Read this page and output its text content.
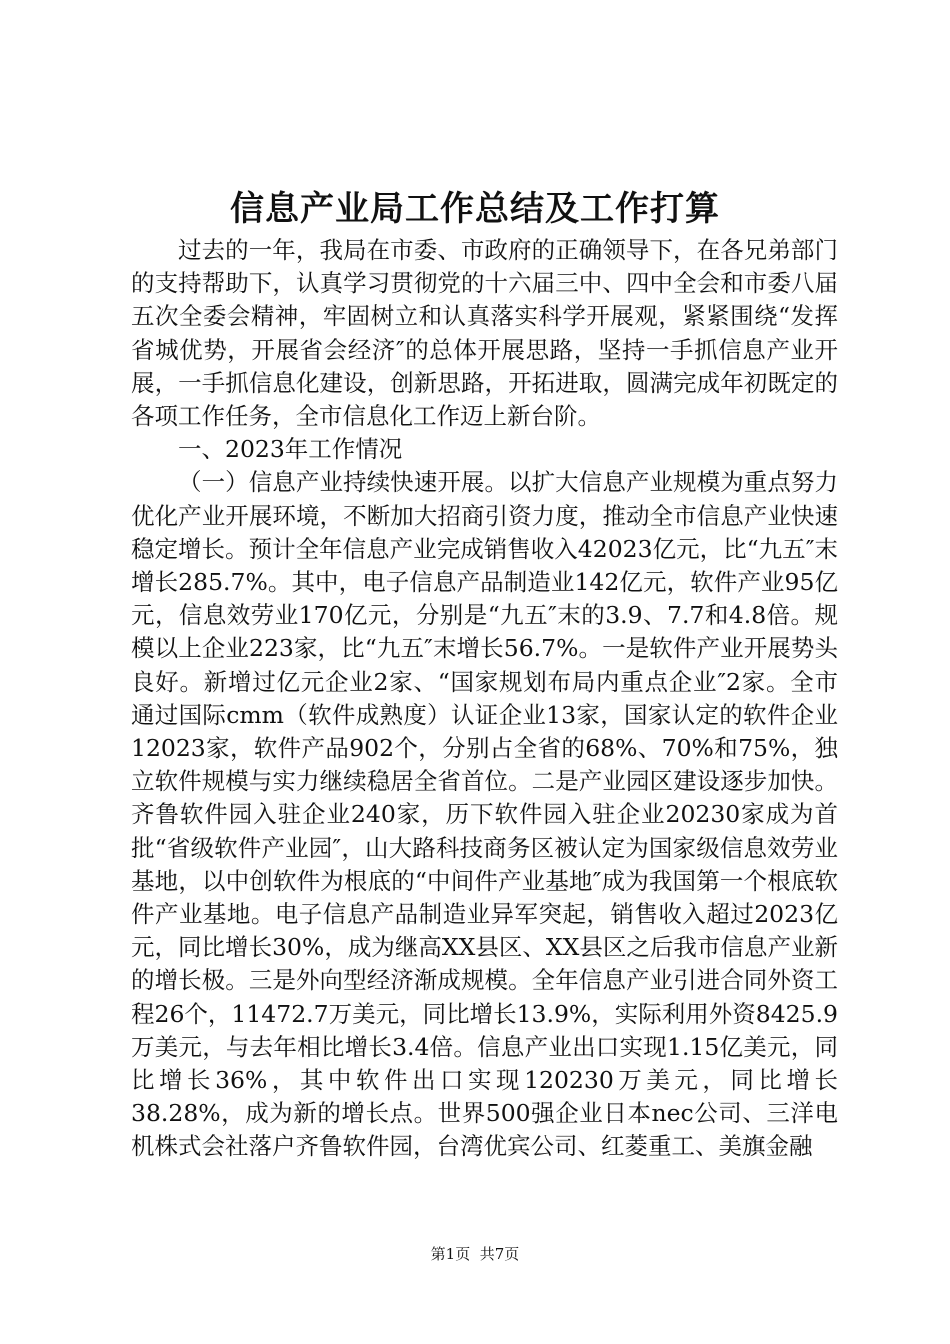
信息产业局工作总结及工作打算

过去的一年，我局在市委、市政府的正确领导下，在各兄弟部门的支持帮助下，认真学习贯彻党的十六届三中、四中全会和市委八届五次全委会精神，牢固树立和认真落实科学开展观，紧紧围绕“发挥省城优势，开展省会经济″的总体开展思路，坚持一手抓信息产业开展，一手抓信息化建设，创新思路，开拓进取，圆满完成年初既定的各项工作任务，全市信息化工作迈上新台阶。

一、2023年工作情况

（一）信息产业持续快速开展。以扩大信息产业规模为重点努力优化产业开展环境，不断加大招商引资力度，推动全市信息产业快速稳定增长。预计全年信息产业完成销售收入42023亿元，比“九五″末增长285.7%。其中，电子信息产品制造业142亿元，软件产业95亿元，信息效劳业170亿元，分别是“九五″末的3.9、7.7和4.8倍。规模以上企业223家，比“九五″末增长56.7%。一是软件产业开展势头良好。新增过亿元企业2家、“国家规划布局内重点企业″2家。全市通过国际cmm（软件成熟度）认证企业13家，国家认定的软件企业12023家，软件产品902个，分别占全省的68%、70%和75%，独立软件规模与实力继续稳居全省首位。二是产业园区建设逐步加快。齐鲁软件园入驻企业240家，历下软件园入驻企业20230家成为首批“省级软件产业园″，山大路科技商务区被认定为国家级信息效劳业基地，以中创软件为根底的“中间件产业基地″成为我国第一个根底软件产业基地。电子信息产品制造业异军突起，销售收入超过2023亿元，同比增长30%，成为继高XX县区、XX县区之后我市信息产业新的增长极。三是外向型经济渐成规模。全年信息产业引进合同外资工程26个，11472.7万美元，同比增长13.9%，实际利用外资8425.9万美元，与去年相比增长3.4倍。信息产业出口实现1.15亿美元，同比增长36%，其中软件出口实现120230万美元，同比增长38.28%，成为新的增长点。世界500强企业日本nec公司、三洋电机株式会社落户齐鲁软件园，台湾优宾公司、红菱重工、美旗金融

第1页 共7页
